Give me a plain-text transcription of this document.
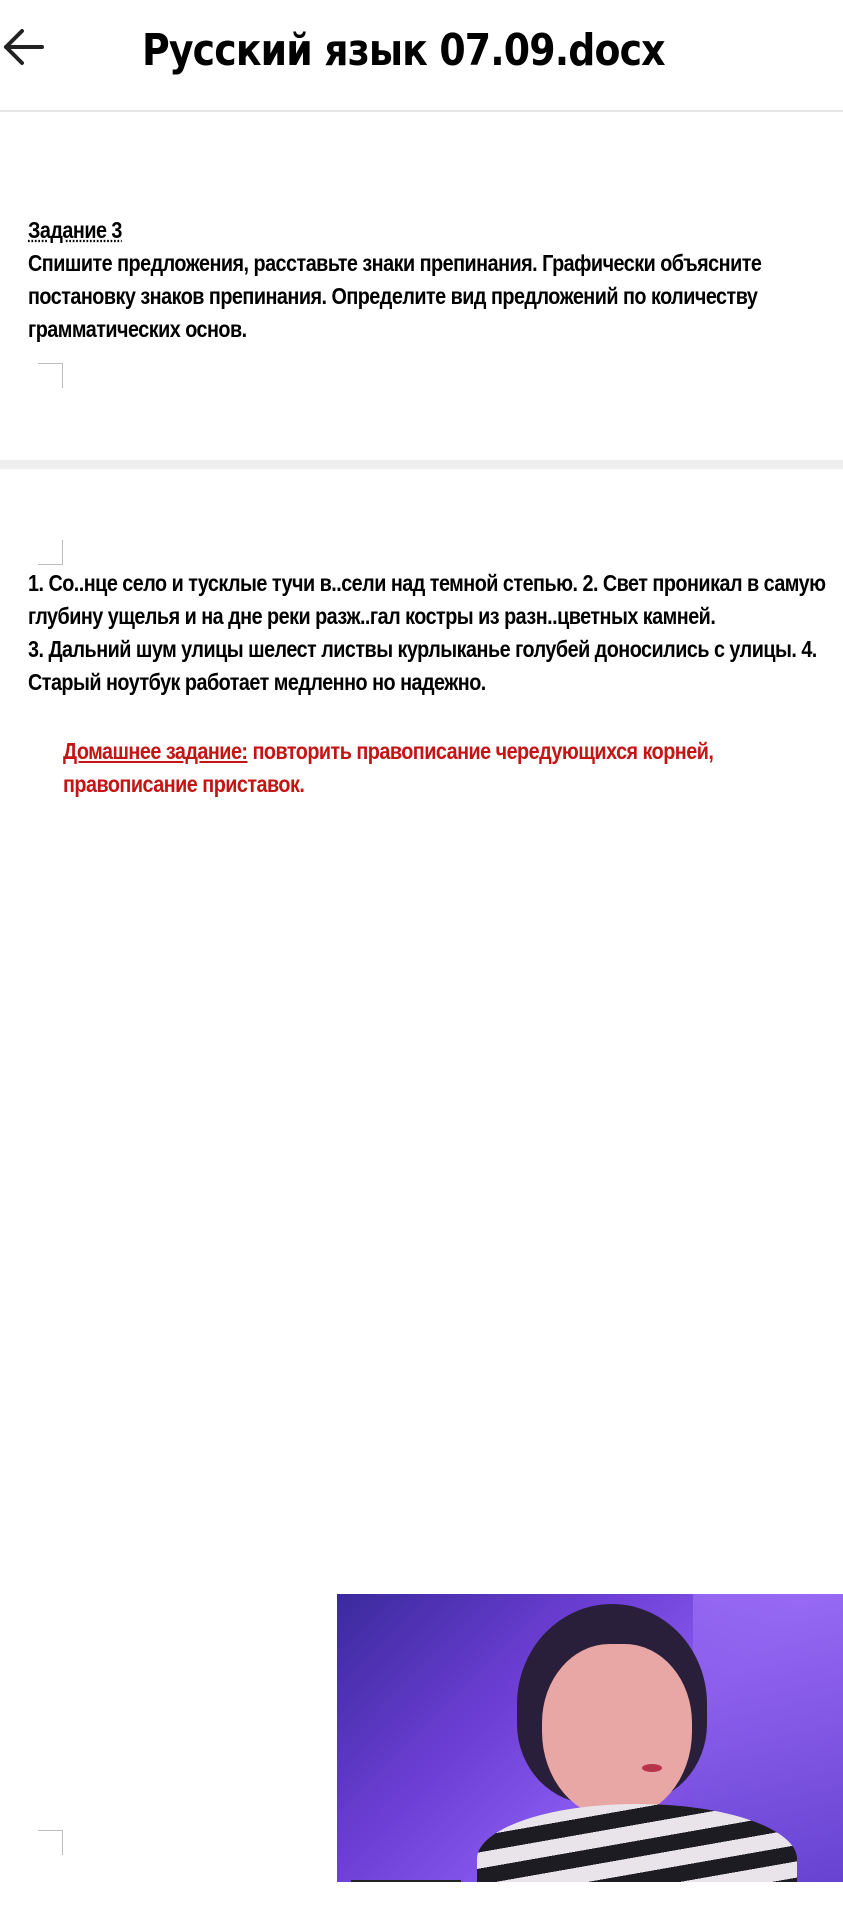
Русский язык 07.09.docx
Задание 3
Спишите предложения, расставьте знаки препинания. Графически объясните
постановку знаков препинания. Определите вид предложений по количеству
грамматических основ.
1. Со..нце село и тусклые тучи в..сели над темной степью. 2. Свет проникал в самую
глубину ущелья и на дне реки разж..гал костры из разн..цветных камней.
3. Дальний шум улицы шелест листвы курлыканье голубей доносились с улицы. 4.
Старый ноутбук работает медленно но надежно.
Домашнее задание: повторить правописание чередующихся корней,
правописание приставок.
